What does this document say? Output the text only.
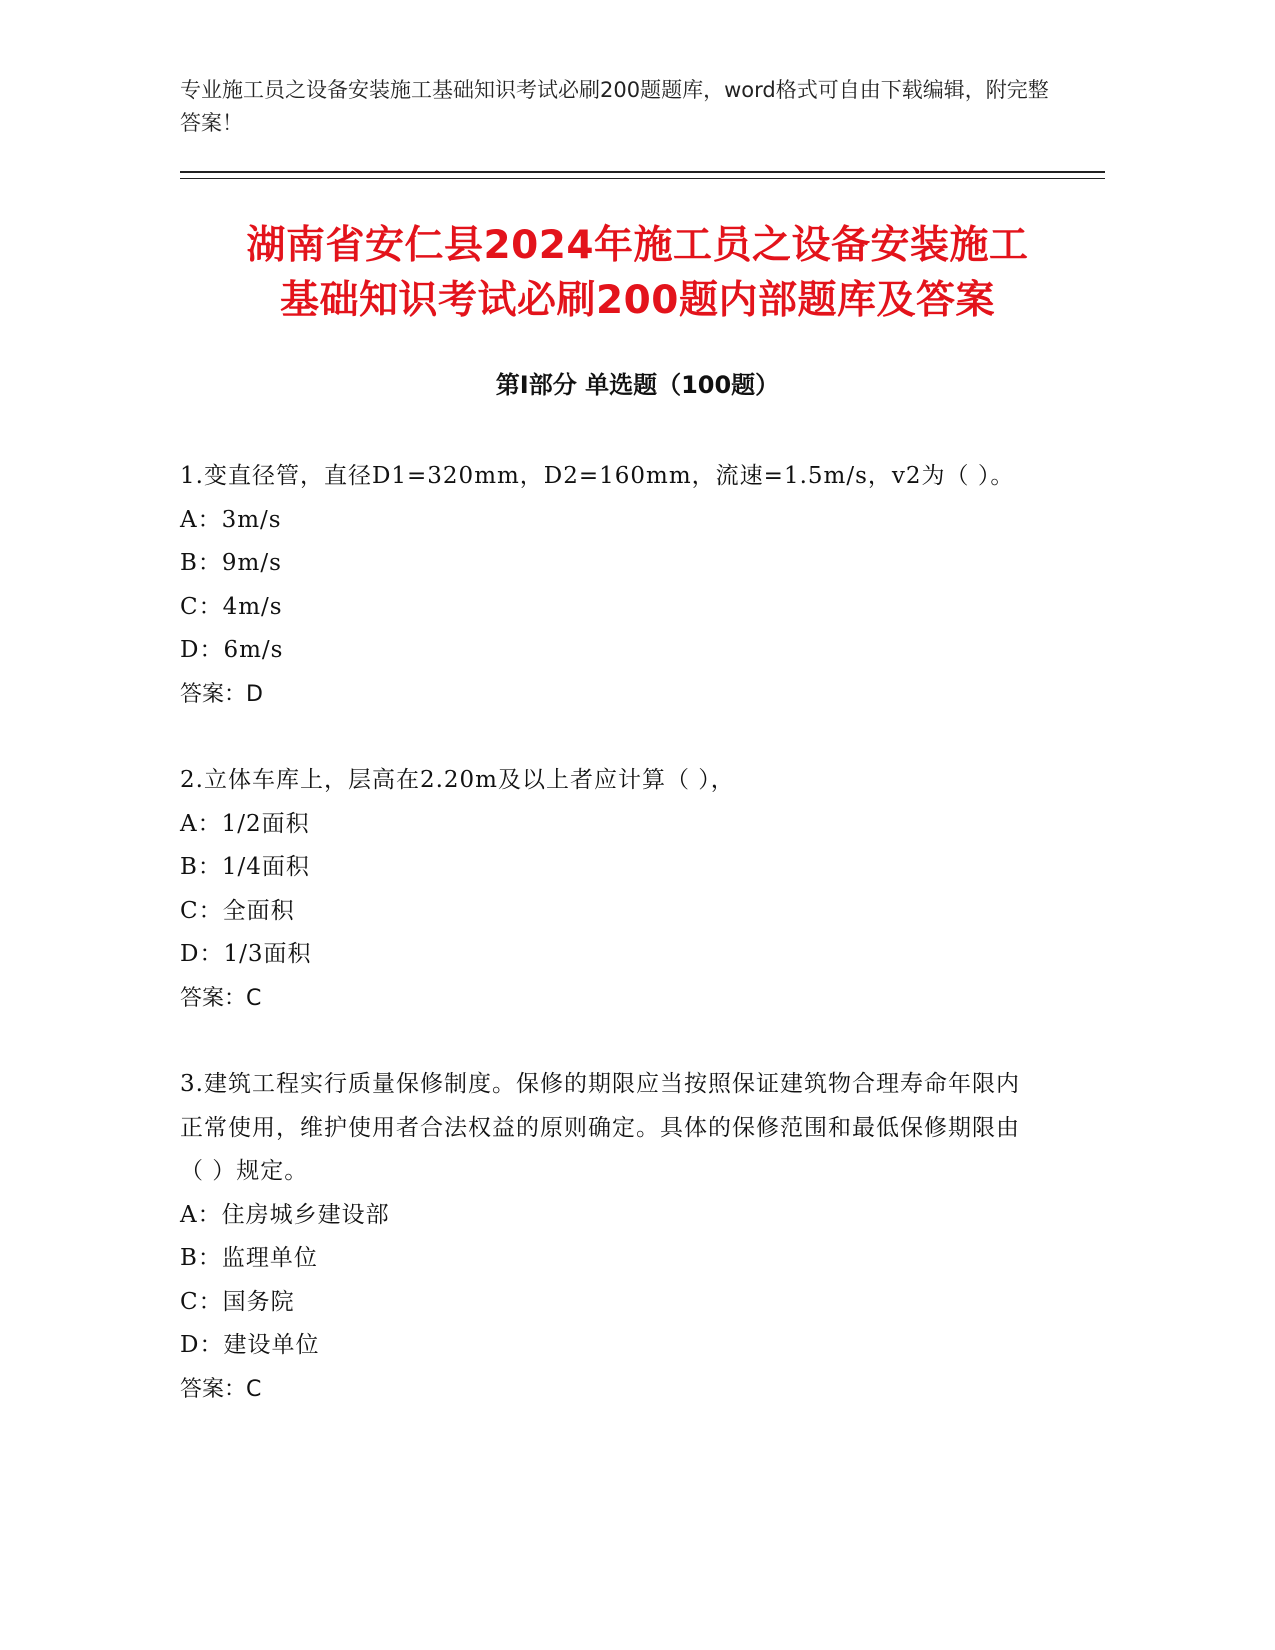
专业施工员之设备安装施工基础知识考试必刷200题题库，word格式可自由下载编辑，附完整答案！
湖南省安仁县2024年施工员之设备安装施工
基础知识考试必刷200题内部题库及答案
第Ⅰ部分 单选题（100题）
1.变直径管，直径D1=320mm，D2=160mm，流速=1.5m/s，v2为（ ）。
A：3m/s
B：9m/s
C：4m/s
D：6m/s
答案：D
2.立体车库上，层高在2.20m及以上者应计算（ ），
A：1/2面积
B：1/4面积
C：全面积
D：1/3面积
答案：C
3.建筑工程实行质量保修制度。保修的期限应当按照保证建筑物合理寿命年限内正常使用，维护使用者合法权益的原则确定。具体的保修范围和最低保修期限由（ ）规定。
A：住房城乡建设部
B：监理单位
C：国务院
D：建设单位
答案：C
